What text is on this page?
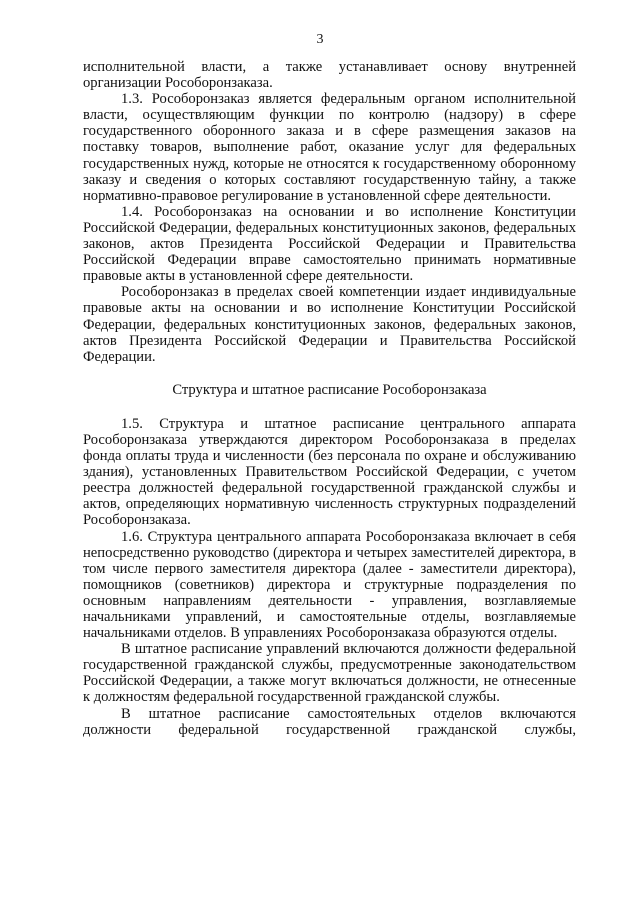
3

исполнительной власти, а также устанавливает основу внутренней организации Рособоронзаказа.

1.3. Рособоронзаказ является федеральным органом исполнительной власти, осуществляющим функции по контролю (надзору) в сфере государственного оборонного заказа и в сфере размещения заказов на поставку товаров, выполнение работ, оказание услуг для федеральных государственных нужд, которые не относятся к государственному оборонному заказу и сведения о которых составляют государственную тайну, а также нормативно-правовое регулирование в установленной сфере деятельности.

1.4. Рособоронзаказ на основании и во исполнение Конституции Российской Федерации, федеральных конституционных законов, федеральных законов, актов Президента Российской Федерации и Правительства Российской Федерации вправе самостоятельно принимать нормативные правовые акты в установленной сфере деятельности.

Рособоронзаказ в пределах своей компетенции издает индивидуальные правовые акты на основании и во исполнение Конституции Российской Федерации, федеральных конституционных законов, федеральных законов, актов Президента Российской Федерации и Правительства Российской Федерации.

Структура и штатное расписание Рособоронзаказа

1.5. Структура и штатное расписание центрального аппарата Рособоронзаказа утверждаются директором Рособоронзаказа в пределах фонда оплаты труда и численности (без персонала по охране и обслуживанию здания), установленных Правительством Российской Федерации, с учетом реестра должностей федеральной государственной гражданской службы и актов, определяющих нормативную численность структурных подразделений Рособоронзаказа.

1.6. Структура центрального аппарата Рособоронзаказа включает в себя непосредственно руководство (директора и четырех заместителей директора, в том числе первого заместителя директора (далее - заместители директора), помощников (советников) директора и структурные подразделения по основным направлениям деятельности - управления, возглавляемые начальниками управлений, и самостоятельные отделы, возглавляемые начальниками отделов. В управлениях Рособоронзаказа образуются отделы.

В штатное расписание управлений включаются должности федеральной государственной гражданской службы, предусмотренные законодательством Российской Федерации, а также могут включаться должности, не отнесенные к должностям федеральной государственной гражданской службы.

В штатное расписание самостоятельных отделов включаются должности федеральной государственной гражданской службы,
